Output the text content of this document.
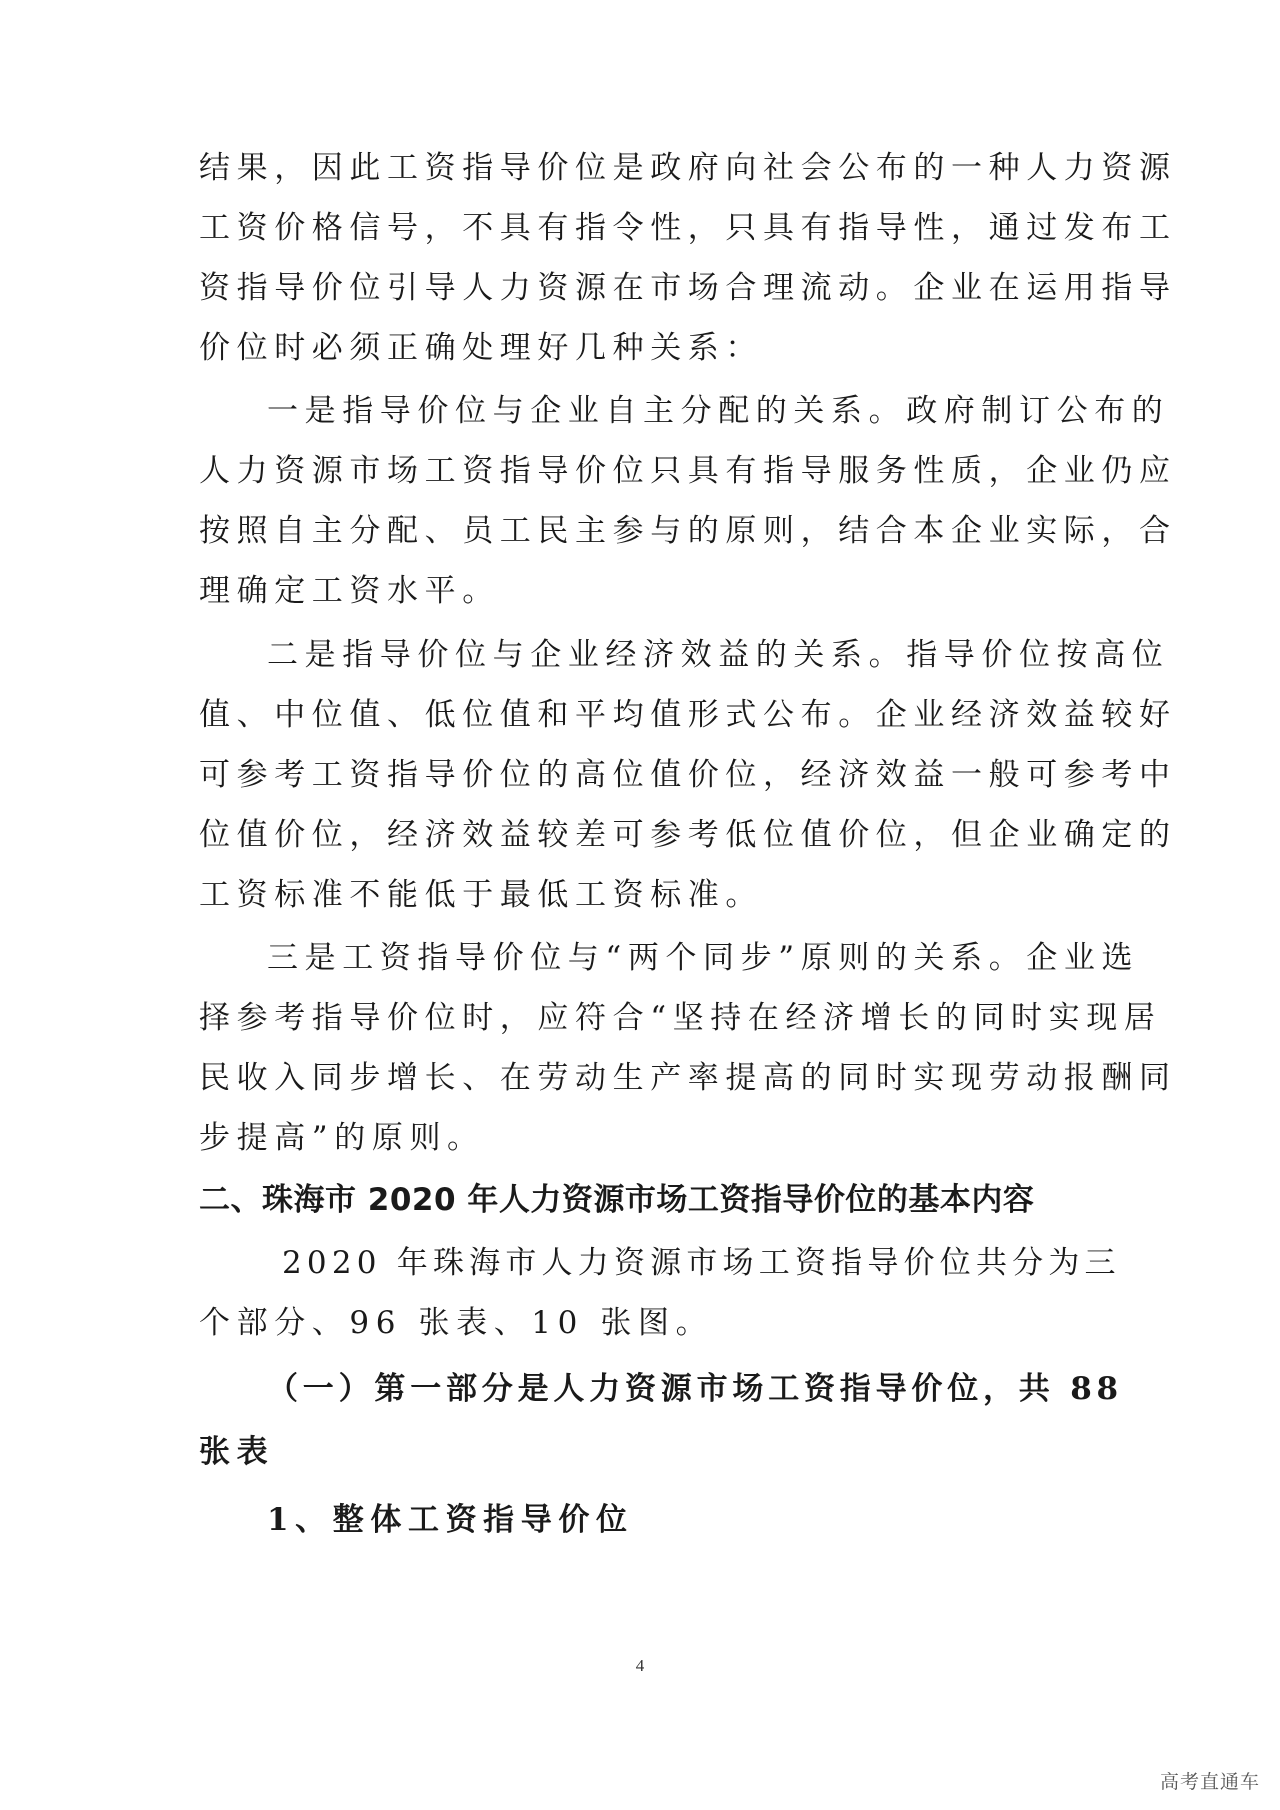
结果，因此工资指导价位是政府向社会公布的一种人力资源
工资价格信号，不具有指令性，只具有指导性，通过发布工
资指导价位引导人力资源在市场合理流动。企业在运用指导
价位时必须正确处理好几种关系：
一是指导价位与企业自主分配的关系。政府制订公布的
人力资源市场工资指导价位只具有指导服务性质，企业仍应
按照自主分配、员工民主参与的原则，结合本企业实际，合
理确定工资水平。
二是指导价位与企业经济效益的关系。指导价位按高位
值、中位值、低位值和平均值形式公布。企业经济效益较好
可参考工资指导价位的高位值价位，经济效益一般可参考中
位值价位，经济效益较差可参考低位值价位，但企业确定的
工资标准不能低于最低工资标准。
三是工资指导价位与“两个同步”原则的关系。企业选
择参考指导价位时，应符合“坚持在经济增长的同时实现居
民收入同步增长、在劳动生产率提高的同时实现劳动报酬同
步提高”的原则。
二、珠海市 2020 年人力资源市场工资指导价位的基本内容
2020 年珠海市人力资源市场工资指导价位共分为三
个部分、96 张表、10 张图。
（一）第一部分是人力资源市场工资指导价位，共 88
张表
1、整体工资指导价位
4
高考直通车
